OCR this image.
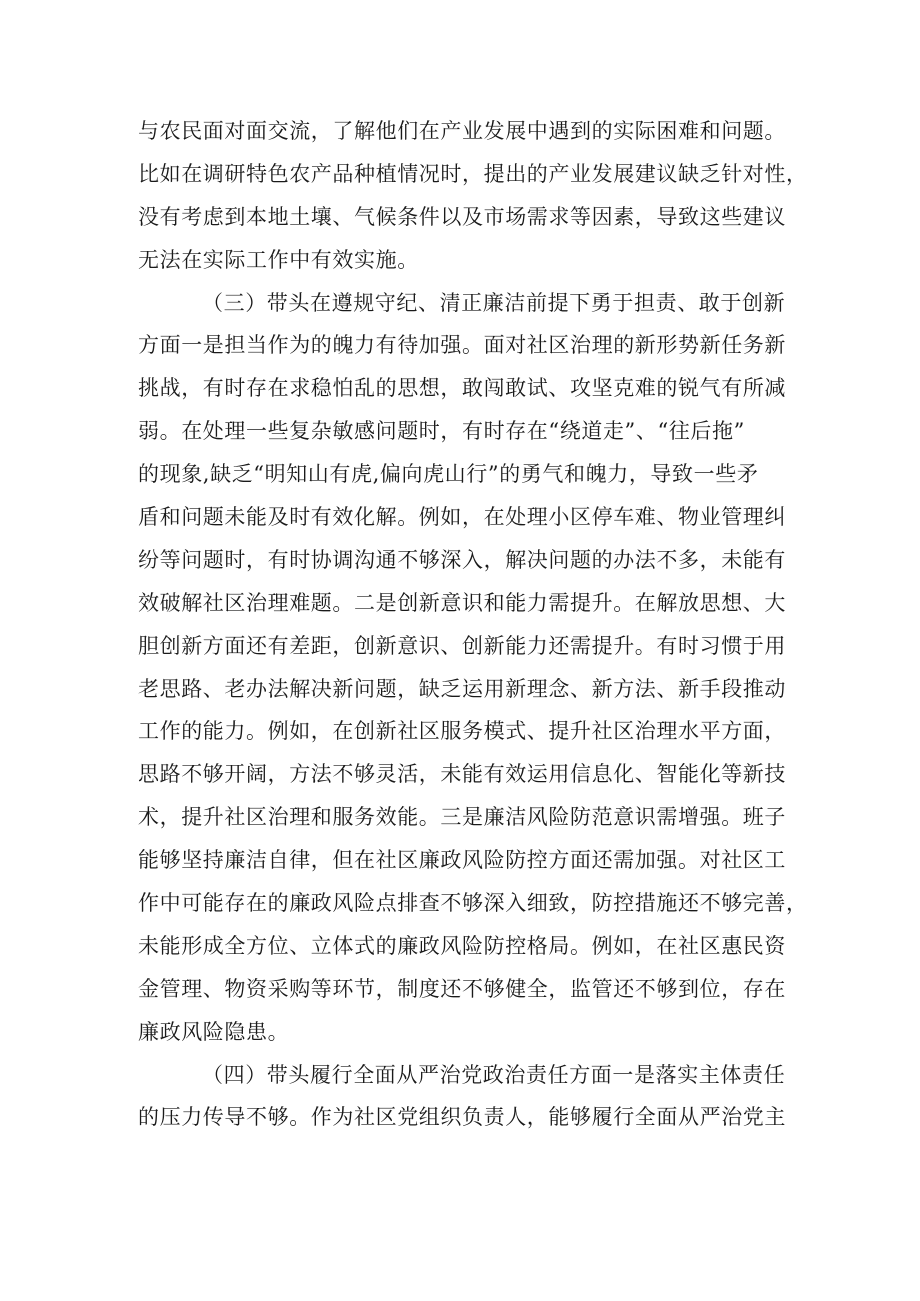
与农民面对面交流，了解他们在产业发展中遇到的实际困难和问题。
比如在调研特色农产品种植情况时，提出的产业发展建议缺乏针对性，
没有考虑到本地土壤、气候条件以及市场需求等因素，导致这些建议
无法在实际工作中有效实施。
（三）带头在遵规守纪、清正廉洁前提下勇于担责、敢于创新
方面一是担当作为的魄力有待加强。面对社区治理的新形势新任务新
挑战，有时存在求稳怕乱的思想，敢闯敢试、攻坚克难的锐气有所减
弱。在处理一些复杂敏感问题时，有时存在“绕道走”、“往后拖”
的现象,缺乏“明知山有虎,偏向虎山行”的勇气和魄力，导致一些矛
盾和问题未能及时有效化解。例如，在处理小区停车难、物业管理纠
纷等问题时，有时协调沟通不够深入，解决问题的办法不多，未能有
效破解社区治理难题。二是创新意识和能力需提升。在解放思想、大
胆创新方面还有差距，创新意识、创新能力还需提升。有时习惯于用
老思路、老办法解决新问题，缺乏运用新理念、新方法、新手段推动
工作的能力。例如，在创新社区服务模式、提升社区治理水平方面，
思路不够开阔，方法不够灵活，未能有效运用信息化、智能化等新技
术，提升社区治理和服务效能。三是廉洁风险防范意识需增强。班子
能够坚持廉洁自律，但在社区廉政风险防控方面还需加强。对社区工
作中可能存在的廉政风险点排查不够深入细致，防控措施还不够完善，
未能形成全方位、立体式的廉政风险防控格局。例如，在社区惠民资
金管理、物资采购等环节，制度还不够健全，监管还不够到位，存在
廉政风险隐患。
（四）带头履行全面从严治党政治责任方面一是落实主体责任
的压力传导不够。作为社区党组织负责人，能够履行全面从严治党主
